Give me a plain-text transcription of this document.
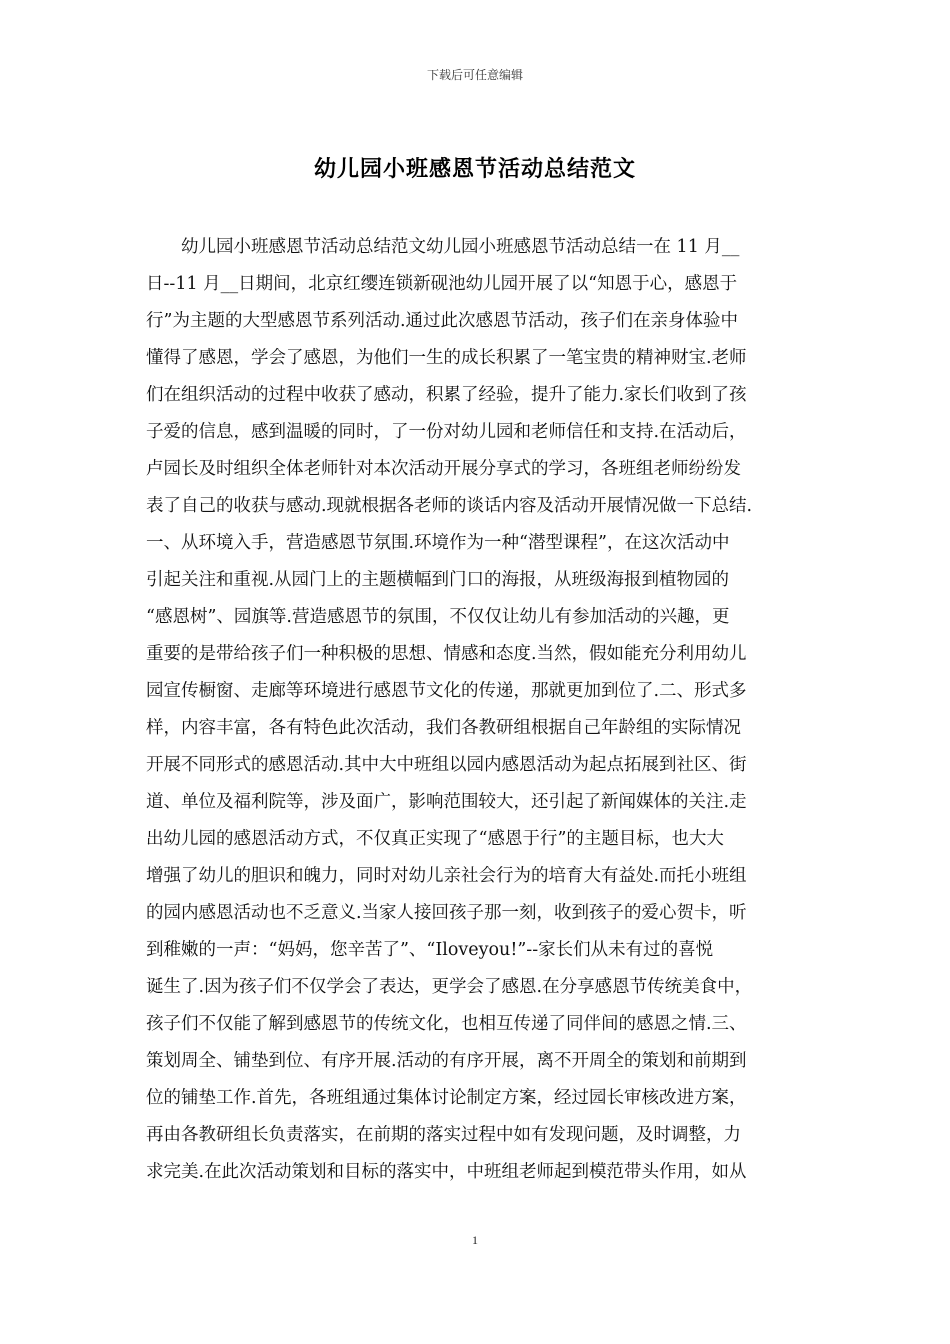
下载后可任意编辑
幼儿园小班感恩节活动总结范文
　　幼儿园小班感恩节活动总结范文幼儿园小班感恩节活动总结一在 11 月__
日--11 月__日期间，北京红缨连锁新砚池幼儿园开展了以“知恩于心，感恩于
行”为主题的大型感恩节系列活动.通过此次感恩节活动，孩子们在亲身体验中
懂得了感恩，学会了感恩，为他们一生的成长积累了一笔宝贵的精神财宝.老师
们在组织活动的过程中收获了感动，积累了经验，提升了能力.家长们收到了孩
子爱的信息，感到温暖的同时，了一份对幼儿园和老师信任和支持.在活动后，
卢园长及时组织全体老师针对本次活动开展分享式的学习，各班组老师纷纷发
表了自己的收获与感动.现就根据各老师的谈话内容及活动开展情况做一下总结.
一、从环境入手，营造感恩节氛围.环境作为一种“潜型课程”，在这次活动中
引起关注和重视.从园门上的主题横幅到门口的海报，从班级海报到植物园的
“感恩树”、园旗等.营造感恩节的氛围，不仅仅让幼儿有参加活动的兴趣，更
重要的是带给孩子们一种积极的思想、情感和态度.当然，假如能充分利用幼儿
园宣传橱窗、走廊等环境进行感恩节文化的传递，那就更加到位了.二、形式多
样，内容丰富，各有特色此次活动，我们各教研组根据自己年龄组的实际情况
开展不同形式的感恩活动.其中大中班组以园内感恩活动为起点拓展到社区、街
道、单位及福利院等，涉及面广，影响范围较大，还引起了新闻媒体的关注.走
出幼儿园的感恩活动方式，不仅真正实现了“感恩于行”的主题目标，也大大
增强了幼儿的胆识和魄力，同时对幼儿亲社会行为的培育大有益处.而托小班组
的园内感恩活动也不乏意义.当家人接回孩子那一刻，收到孩子的爱心贺卡，听
到稚嫩的一声：“妈妈，您辛苦了”、“Iloveyou!”--家长们从未有过的喜悦
诞生了.因为孩子们不仅学会了表达，更学会了感恩.在分享感恩节传统美食中，
孩子们不仅能了解到感恩节的传统文化，也相互传递了同伴间的感恩之情.三、
策划周全、铺垫到位、有序开展.活动的有序开展，离不开周全的策划和前期到
位的铺垫工作.首先，各班组通过集体讨论制定方案，经过园长审核改进方案，
再由各教研组长负责落实，在前期的落实过程中如有发现问题，及时调整，力
求完美.在此次活动策划和目标的落实中，中班组老师起到模范带头作用，如从
1
